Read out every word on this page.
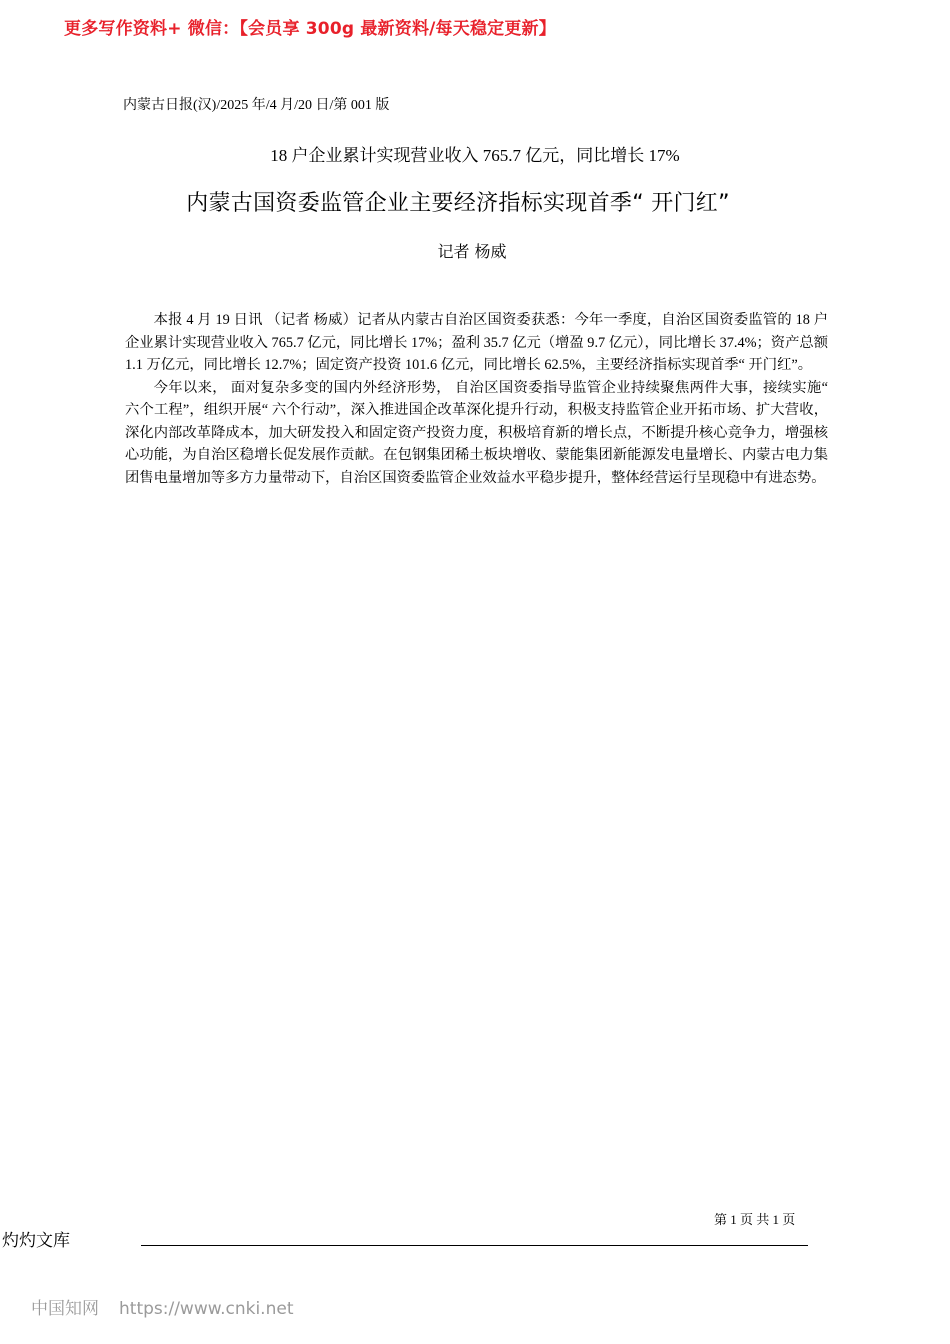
更多写作资料+ 微信：【会员享 300g 最新资料/每天稳定更新】
内蒙古日报(汉)/2025 年/4 月/20 日/第 001 版
18 户企业累计实现营业收入 765.7 亿元，同比增长 17%
内蒙古国资委监管企业主要经济指标实现首季“ 开门红”
记者 杨威

本报 4 月 19 日讯 （记者 杨威）记者从内蒙古自治区国资委获悉：今年一季度，自治区国资委监管的 18 户企业累计实现营业收入 765.7 亿元，同比增长 17%；盈利 35.7 亿元（增盈 9.7 亿元），同比增长 37.4%；资产总额 1.1 万亿元，同比增长 12.7%；固定资产投资 101.6 亿元，同比增长 62.5%，主要经济指标实现首季“ 开门红”。

今年以来， 面对复杂多变的国内外经济形势， 自治区国资委指导监管企业持续聚焦两件大事，接续实施“ 六个工程”，组织开展“ 六个行动”，深入推进国企改革深化提升行动，积极支持监管企业开拓市场、扩大营收，深化内部改革降成本，加大研发投入和固定资产投资力度，积极培育新的增长点，不断提升核心竞争力，增强核心功能，为自治区稳增长促发展作贡献。在包钢集团稀土板块增收、蒙能集团新能源发电量增长、内蒙古电力集团售电量增加等多方力量带动下，自治区国资委监管企业效益水平稳步提升，整体经营运行呈现稳中有进态势。

第 1 页 共 1 页
灼灼文库
中国知网 https://www.cnki.net
